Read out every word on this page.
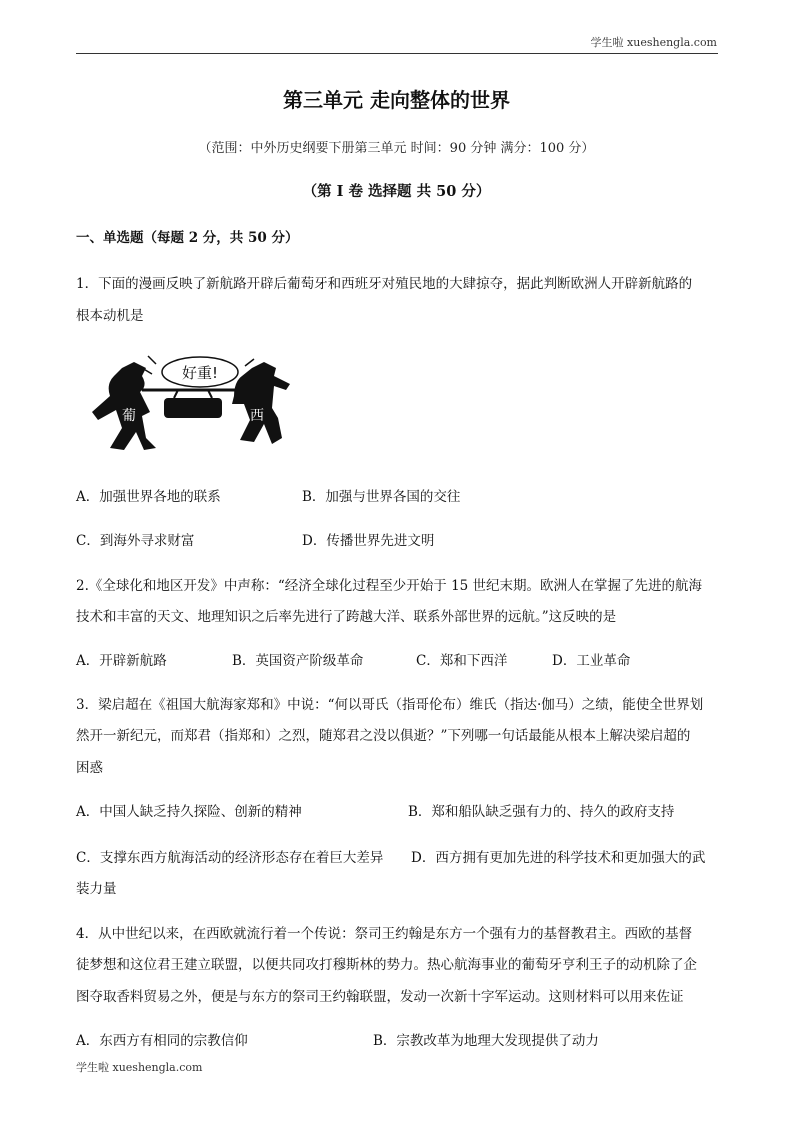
学生啦 xueshengla.com
第三单元 走向整体的世界
（范围：中外历史纲要下册第三单元 时间：90 分钟 满分：100 分）
（第 I 卷 选择题 共 50 分）
一、单选题（每题 2 分，共 50 分）
1．下面的漫画反映了新航路开辟后葡萄牙和西班牙对殖民地的大肆掠夺，据此判断欧洲人开辟新航路的
根本动机是
好重!
葡	西
A．加强世界各地的联系	B．加强与世界各国的交往
C．到海外寻求财富	D．传播世界先进文明
2.《全球化和地区开发》中声称：“经济全球化过程至少开始于 15 世纪末期。欧洲人在掌握了先进的航海
技术和丰富的天文、地理知识之后率先进行了跨越大洋、联系外部世界的远航。”这反映的是
A．开辟新航路	B．英国资产阶级革命	C．郑和下西洋	D．工业革命
3．梁启超在《祖国大航海家郑和》中说：“何以哥氏（指哥伦布）维氏（指达·伽马）之绩，能使全世界划
然开一新纪元，而郑君（指郑和）之烈，随郑君之没以俱逝？”下列哪一句话最能从根本上解决梁启超的
困惑
A．中国人缺乏持久探险、创新的精神	B．郑和船队缺乏强有力的、持久的政府支持
C．支撑东西方航海活动的经济形态存在着巨大差异 D．西方拥有更加先进的科学技术和更加强大的武
装力量
4．从中世纪以来，在西欧就流行着一个传说：祭司王约翰是东方一个强有力的基督教君主。西欧的基督
徒梦想和这位君王建立联盟，以便共同攻打穆斯林的势力。热心航海事业的葡萄牙亨利王子的动机除了企
图夺取香料贸易之外，便是与东方的祭司王约翰联盟，发动一次新十字军运动。这则材料可以用来佐证
A．东西方有相同的宗教信仰	B．宗教改革为地理大发现提供了动力
学生啦 xueshengla.com
